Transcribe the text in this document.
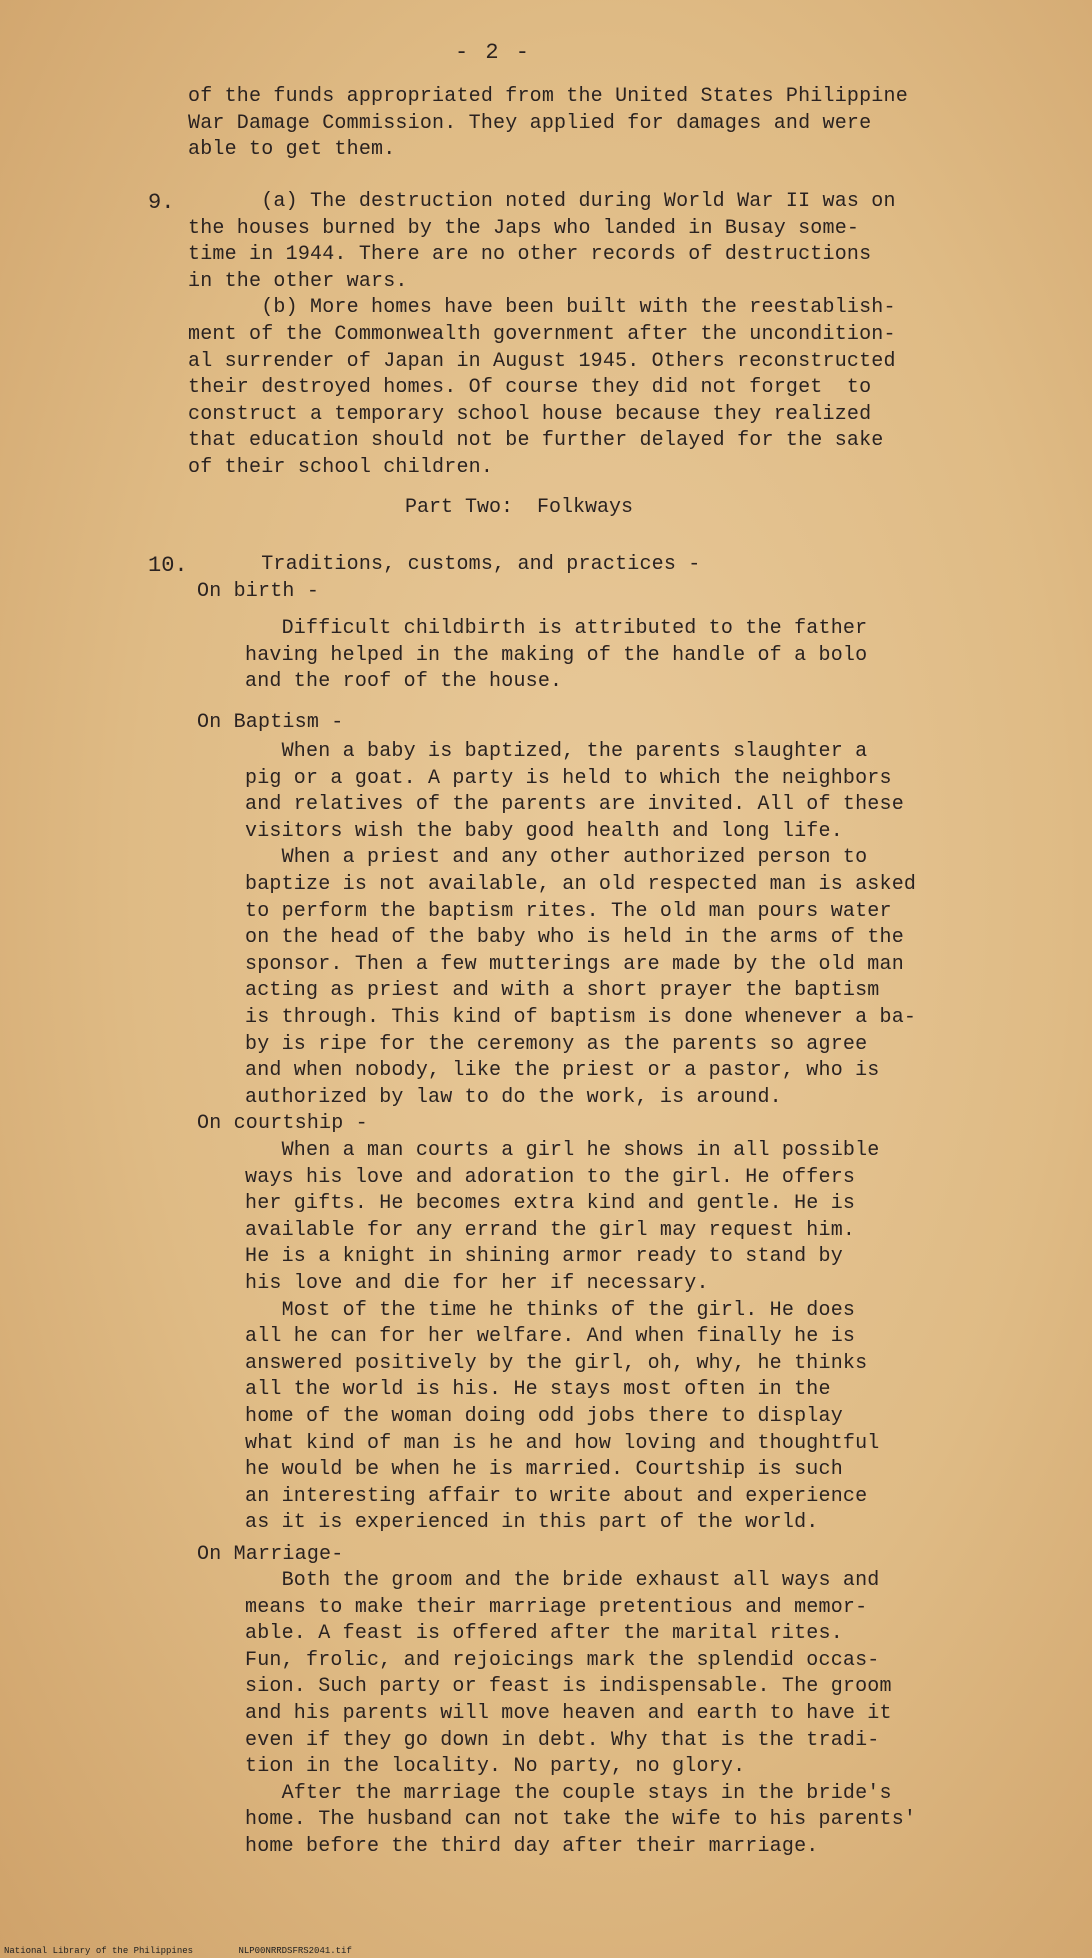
- 2 -
of the funds appropriated from the United States Philippine
War Damage Commission. They applied for damages and were
able to get them.
9. (a) The destruction noted during World War II was on
the houses burned by the Japs who landed in Busay some-
time in 1944. There are no other records of destructions
in the other wars.
(b) More homes have been built with the reestablish-
ment of the Commonwealth government after the uncondition-
al surrender of Japan in August 1945. Others reconstructed
their destroyed homes. Of course they did not forget  to
construct a temporary school house because they realized
that education should not be further delayed for the sake
of their school children.
Part Two:  Folkways
10. Traditions, customs, and practices -
On birth -
Difficult childbirth is attributed to the father
having helped in the making of the handle of a bolo
and the roof of the house.
On Baptism -
When a baby is baptized, the parents slaughter a
pig or a goat. A party is held to which the neighbors
and relatives of the parents are invited. All of these
visitors wish the baby good health and long life.
When a priest and any other authorized person to
baptize is not available, an old respected man is asked
to perform the baptism rites. The old man pours water
on the head of the baby who is held in the arms of the
sponsor. Then a few mutterings are made by the old man
acting as priest and with a short prayer the baptism
is through. This kind of baptism is done whenever a ba-
by is ripe for the ceremony as the parents so agree
and when nobody, like the priest or a pastor, who is
authorized by law to do the work, is around.
On courtship -
When a man courts a girl he shows in all possible
ways his love and adoration to the girl. He offers
her gifts. He becomes extra kind and gentle. He is
available for any errand the girl may request him.
He is a knight in shining armor ready to stand by
his love and die for her if necessary.
Most of the time he thinks of the girl. He does
all he can for her welfare. And when finally he is
answered positively by the girl, oh, why, he thinks
all the world is his. He stays most often in the
home of the woman doing odd jobs there to display
what kind of man is he and how loving and thoughtful
he would be when he is married. Courtship is such
an interesting affair to write about and experience
as it is experienced in this part of the world.
On Marriage-
Both the groom and the bride exhaust all ways and
means to make their marriage pretentious and memor-
able. A feast is offered after the marital rites.
Fun, frolic, and rejoicings mark the splendid occas-
sion. Such party or feast is indispensable. The groom
and his parents will move heaven and earth to have it
even if they go down in debt. Why that is the tradi-
tion in the locality. No party, no glory.
After the marriage the couple stays in the bride's
home. The husband can not take the wife to his parents'
home before the third day after their marriage.
National Library of the Philippines	NLP00NRRDSFRS2041.tif
